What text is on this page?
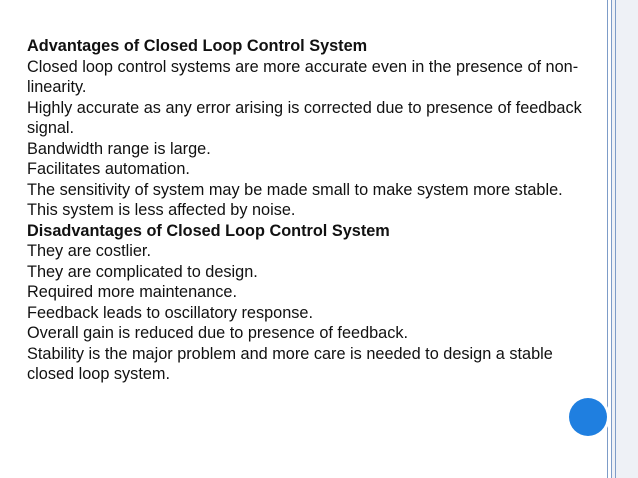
Advantages of Closed Loop Control System
Closed loop control systems are more accurate even in the presence of non-linearity.
Highly accurate as any error arising is corrected due to presence of feedback signal.
Bandwidth range is large.
Facilitates automation.
The sensitivity of system may be made small to make system more stable.
This system is less affected by noise.
Disadvantages of Closed Loop Control System
They are costlier.
They are complicated to design.
Required more maintenance.
Feedback leads to oscillatory response.
Overall gain is reduced due to presence of feedback.
Stability is the major problem and more care is needed to design a stable closed loop system.
